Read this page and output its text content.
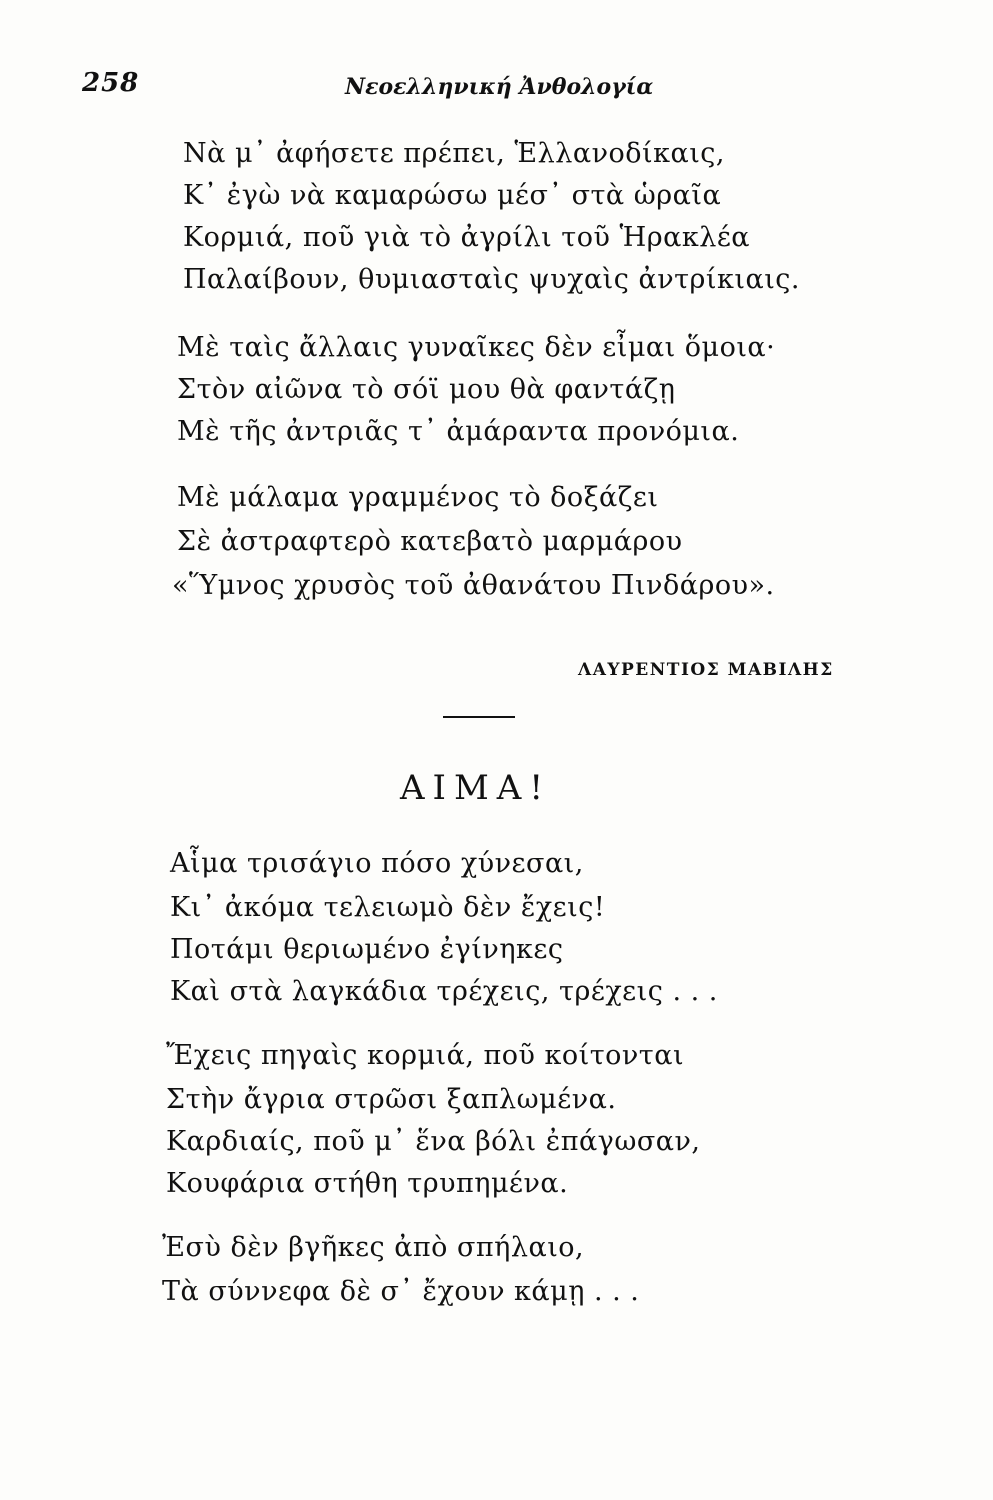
258	Νεοελληνική Ἀνθολογία
Νὰ μ᾿ ἀφήσετε πρέπει, Ἑλλανοδίκαις,
Κ᾿ ἐγὼ νὰ καμαρώσω μέσ᾿ στὰ ὡραῖα
Κορμιά, ποῦ γιὰ τὸ ἀγρίλι τοῦ Ἡρακλέα
Παλαίβουν, θυμιασταὶς ψυχαὶς ἀντρίκιαις.
Μὲ ταὶς ἄλλαις γυναῖκες δὲν εἶμαι ὅμοια·
Στὸν αἰῶνα τὸ σόϊ μου θὰ φαντάζῃ
Μὲ τῆς ἀντριᾶς τ᾿ ἀμάραντα προνόμια.
Μὲ μάλαμα γραμμένος τὸ δοξάζει
Σὲ ἀστραφτερὸ κατεβατὸ μαρμάρου
«Ὕμνος χρυσὸς τοῦ ἀθανάτου Πινδάρου».
ΛΑΥΡΕΝΤΙΟΣ ΜΑΒΙΛΗΣ
ΑΙΜΑ!
Αἷμα τρισάγιο πόσο χύνεσαι,
Κι᾿ ἀκόμα τελειωμὸ δὲν ἔχεις!
Ποτάμι θεριωμένο ἐγίνηκες
Καὶ στὰ λαγκάδια τρέχεις, τρέχεις . . .
Ἔχεις πηγαὶς κορμιά, ποῦ κοίτονται
Στὴν ἄγρια στρῶσι ξαπλωμένα.
Καρδιαίς, ποῦ μ᾿ ἕνα βόλι ἐπάγωσαν,
Κουφάρια στήθη τρυπημένα.
Ἐσὺ δὲν βγῆκες ἀπὸ σπήλαιο,
Τὰ σύννεφα δὲ σ᾿ ἔχουν κάμῃ . . .
